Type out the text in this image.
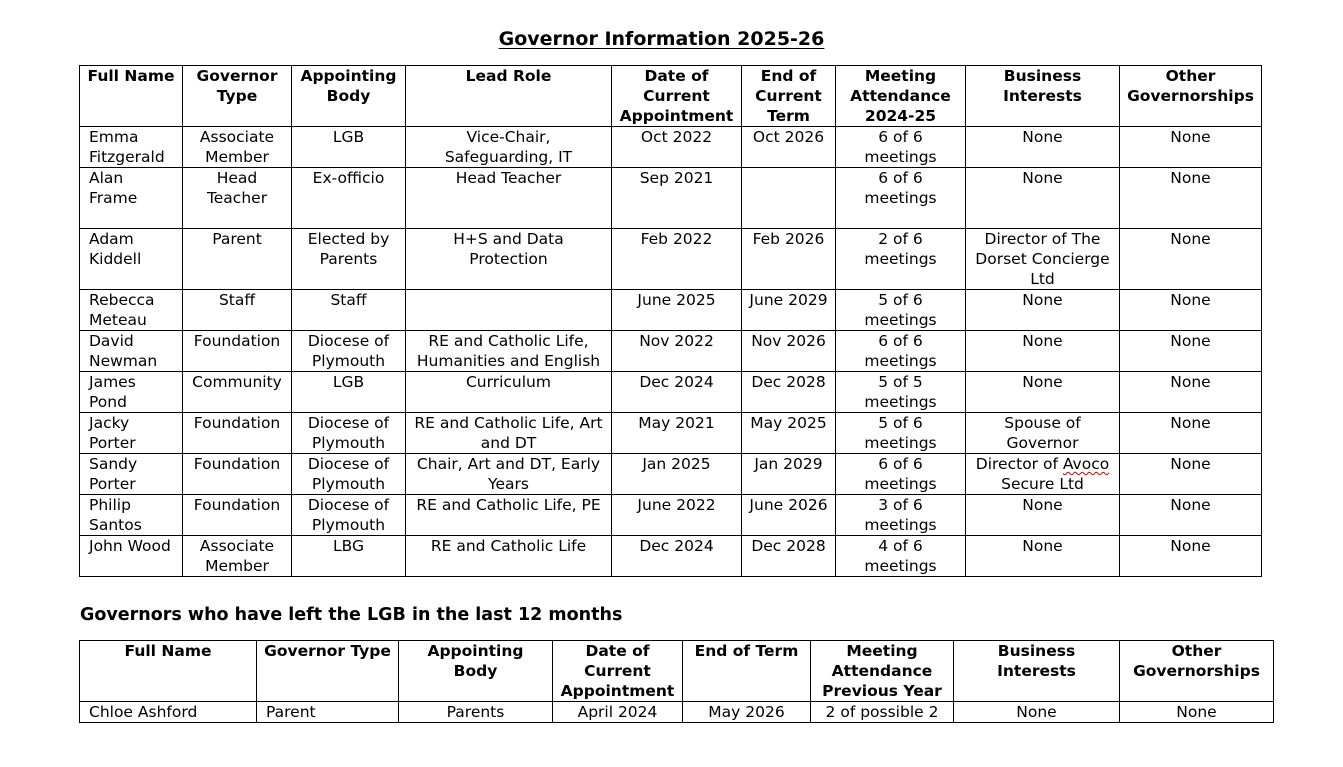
Governor Information 2025-26
Full Name	Governor Type	Appointing Body	Lead Role	Date of Current Appointment	End of Current Term	Meeting Attendance 2024-25	Business Interests	Other Governorships
Emma Fitzgerald	Associate Member	LGB	Vice-Chair, Safeguarding, IT	Oct 2022	Oct 2026	6 of 6 meetings	None	None
Alan Frame	Head Teacher	Ex-officio	Head Teacher	Sep 2021		6 of 6 meetings	None	None
Adam Kiddell	Parent	Elected by Parents	H+S and Data Protection	Feb 2022	Feb 2026	2 of 6 meetings	Director of The Dorset Concierge Ltd	None
Rebecca Meteau	Staff	Staff		June 2025	June 2029	5 of 6 meetings	None	None
David Newman	Foundation	Diocese of Plymouth	RE and Catholic Life, Humanities and English	Nov 2022	Nov 2026	6 of 6 meetings	None	None
James Pond	Community	LGB	Curriculum	Dec 2024	Dec 2028	5 of 5 meetings	None	None
Jacky Porter	Foundation	Diocese of Plymouth	RE and Catholic Life, Art and DT	May 2021	May 2025	5 of 6 meetings	Spouse of Governor	None
Sandy Porter	Foundation	Diocese of Plymouth	Chair, Art and DT, Early Years	Jan 2025	Jan 2029	6 of 6 meetings	Director of Avoco Secure Ltd	None
Philip Santos	Foundation	Diocese of Plymouth	RE and Catholic Life, PE	June 2022	June 2026	3 of 6 meetings	None	None
John Wood	Associate Member	LBG	RE and Catholic Life	Dec 2024	Dec 2028	4 of 6 meetings	None	None
Governors who have left the LGB in the last 12 months
Full Name	Governor Type	Appointing Body	Date of Current Appointment	End of Term	Meeting Attendance Previous Year	Business Interests	Other Governorships
Chloe Ashford	Parent	Parents	April 2024	May 2026	2 of possible 2	None	None
